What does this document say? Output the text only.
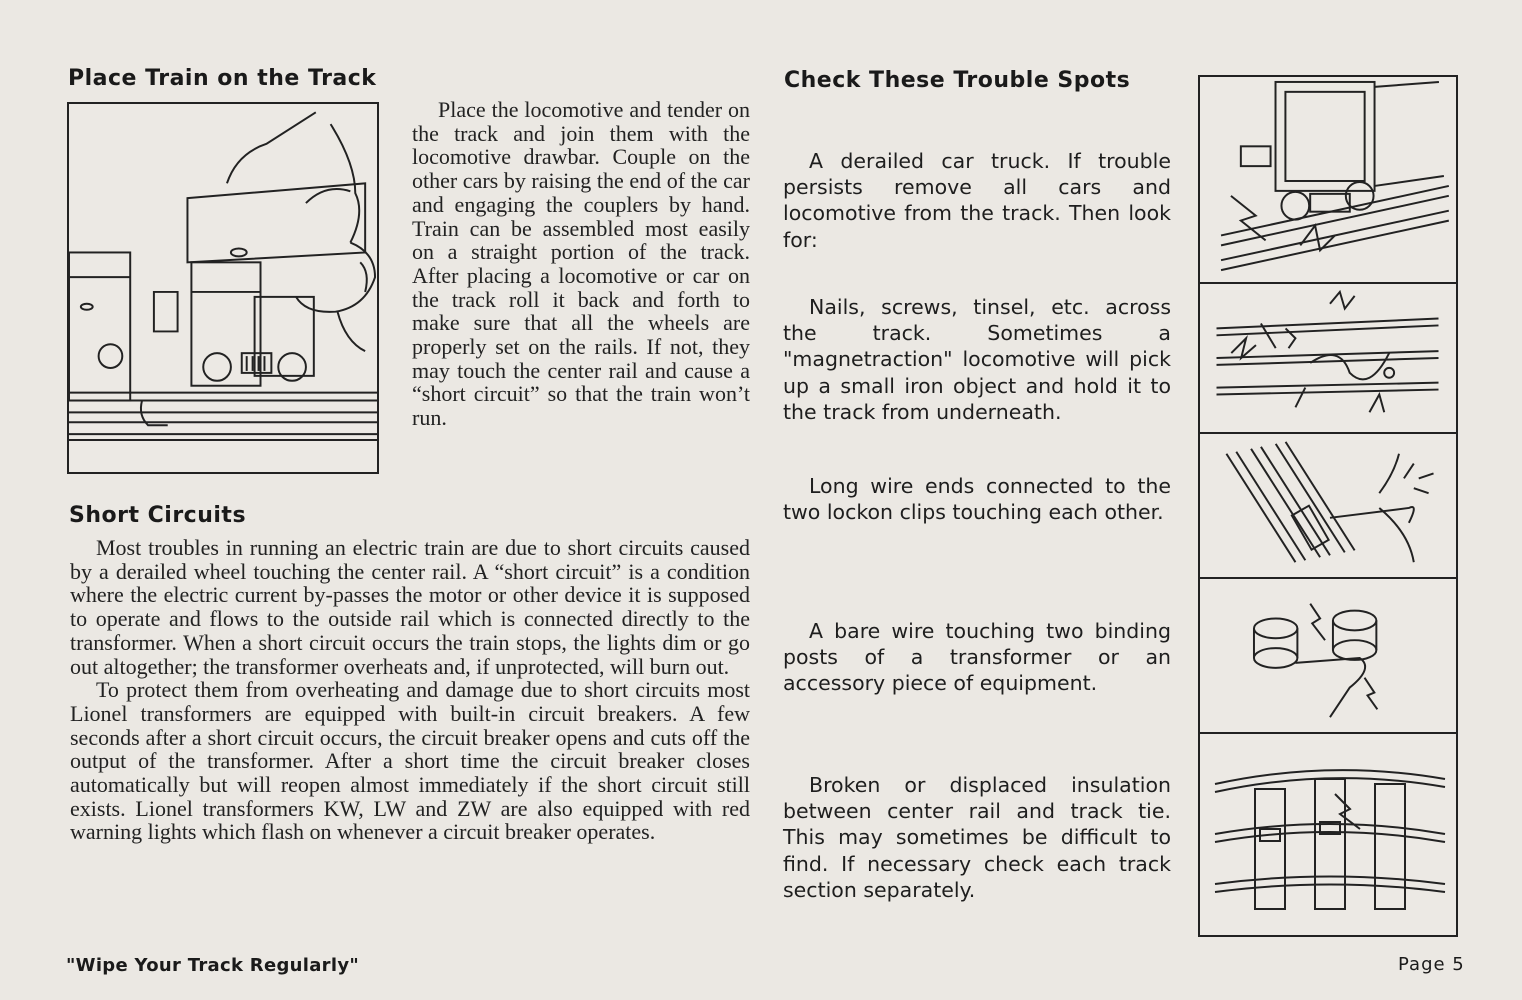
Place Train on the Track

Place the locomotive and tender on the track and join them with the locomotive drawbar. Couple on the other cars by raising the end of the car and engaging the couplers by hand. Train can be assembled most easily on a straight portion of the track. After placing a locomotive or car on the track roll it back and forth to make sure that all the wheels are properly set on the rails. If not, they may touch the center rail and cause a “short circuit” so that the train won’t run.

Short Circuits

Most troubles in running an electric train are due to short circuits caused by a derailed wheel touching the center rail. A “short circuit” is a condition where the electric current by-passes the motor or other device it is supposed to operate and flows to the outside rail which is connected directly to the transformer. When a short circuit occurs the train stops, the lights dim or go out altogether; the transformer overheats and, if unprotected, will burn out.

To protect them from overheating and damage due to short circuits most Lionel transformers are equipped with built-in circuit breakers. A few seconds after a short circuit occurs, the circuit breaker opens and cuts off the output of the transformer. After a short time the circuit breaker closes automatically but will reopen almost immediately if the short circuit still exists. Lionel transformers KW, LW and ZW are also equipped with red warning lights which flash on whenever a circuit breaker operates.

Check These Trouble Spots
A derailed car truck. If trouble persists remove all cars and locomotive from the track. Then look for:
Nails, screws, tinsel, etc. across the track. Sometimes a "magnetraction" locomotive will pick up a small iron object and hold it to the track from underneath.
Long wire ends connected to the two lockon clips touching each other.
A bare wire touching two binding posts of a transformer or an accessory piece of equipment.
Broken or displaced insulation between center rail and track tie. This may sometimes be difficult to find. If necessary check each track section separately.
"Wipe Your Track Regularly"	Page 5
